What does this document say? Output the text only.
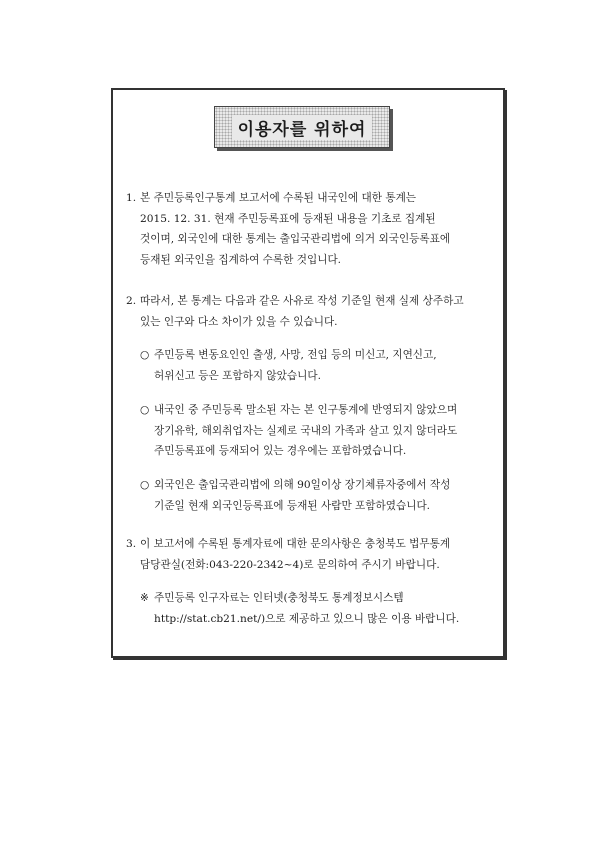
이용자를 위하여
1. 본 주민등록인구통계 보고서에 수록된 내국인에 대한 통계는
2015. 12. 31. 현재 주민등록표에 등재된 내용을 기초로 집계된
것이며, 외국인에 대한 통계는 출입국관리법에 의거 외국인등록표에
등재된 외국인을 집계하여 수록한 것입니다.
2. 따라서, 본 통계는 다음과 같은 사유로 작성 기준일 현재 실제 상주하고
있는 인구와 다소 차이가 있을 수 있습니다.
○ 주민등록 변동요인인 출생, 사망, 전입 등의 미신고, 지연신고,
허위신고 등은 포함하지 않았습니다.
○ 내국인 중 주민등록 말소된 자는 본 인구통계에 반영되지 않았으며
장기유학, 해외취업자는 실제로 국내의 가족과 살고 있지 않더라도
주민등록표에 등재되어 있는 경우에는 포함하였습니다.
○ 외국인은 출입국관리법에 의해 90일이상 장기체류자중에서 작성
기준일 현재 외국인등록표에 등재된 사람만 포함하였습니다.
3. 이 보고서에 수록된 통계자료에 대한 문의사항은 충청북도 법무통계
담당관실(전화:043-220-2342~4)로 문의하여 주시기 바랍니다.
※ 주민등록 인구자료는 인터넷(충청북도 통계정보시스템
http://stat.cb21.net/)으로 제공하고 있으니 많은 이용 바랍니다.
